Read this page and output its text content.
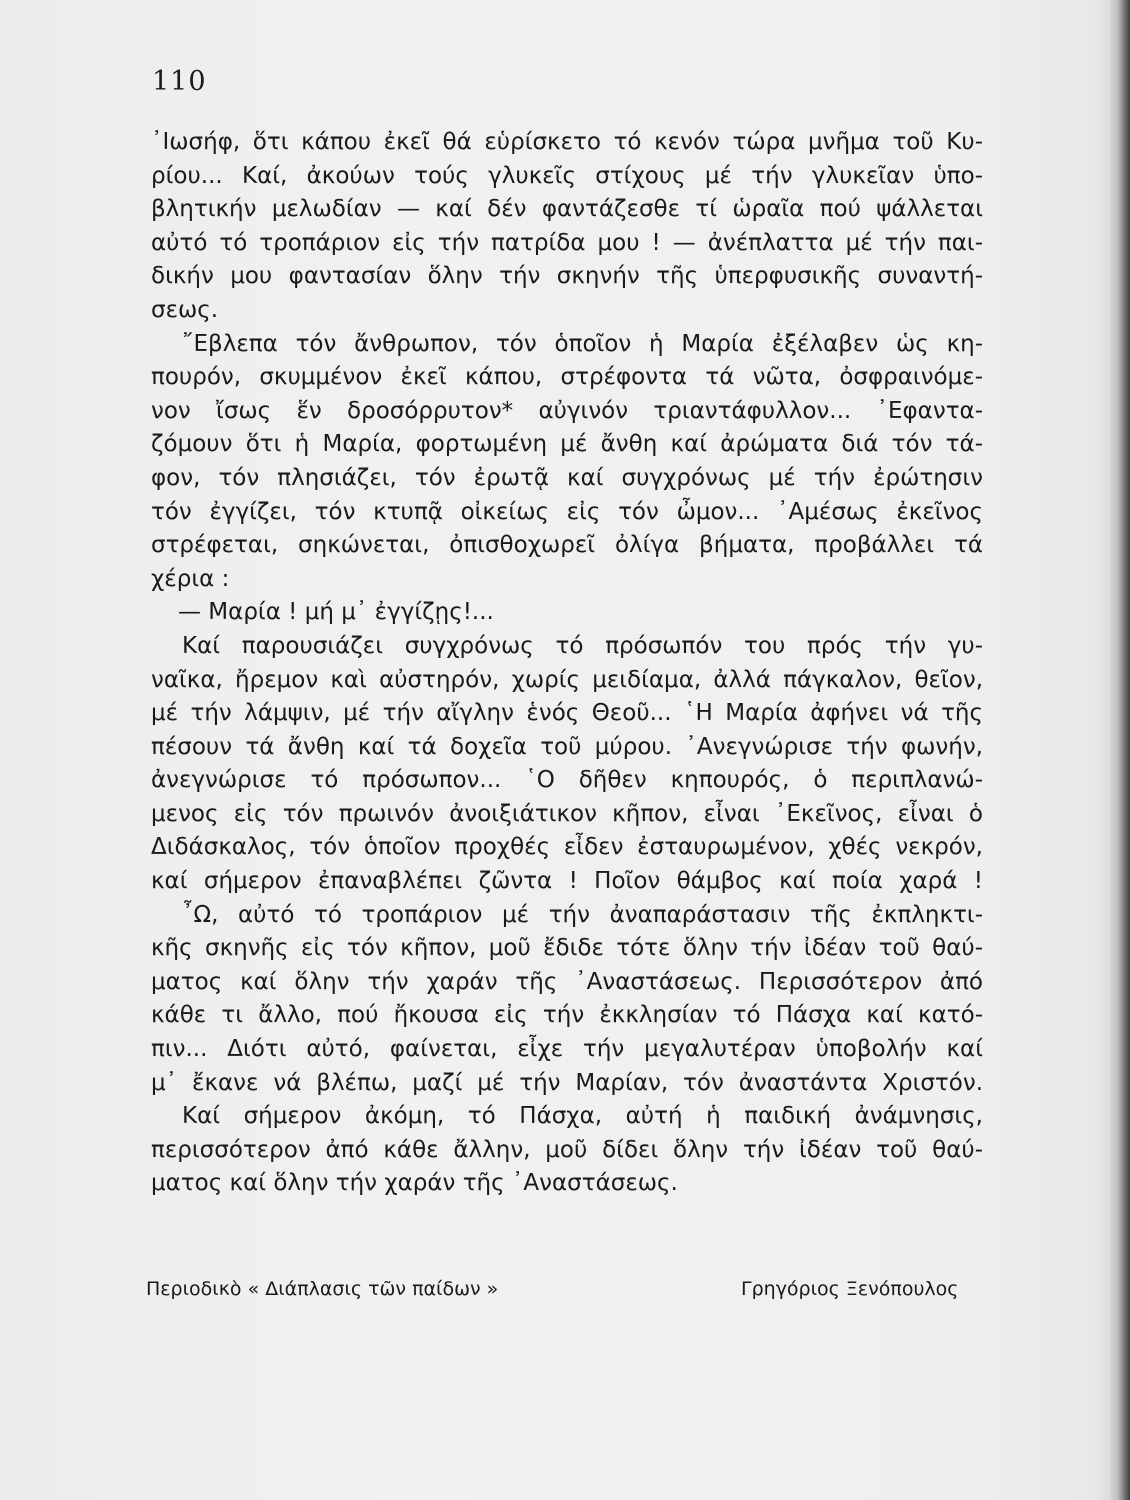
110
᾿Ιωσήφ, ὅτι κάπου ἐκεῖ θά εὑρίσκετο τό κενόν τώρα μνῆμα τοῦ Κυ-
ρίου... Καί, ἀκούων τούς γλυκεῖς στίχους μέ τήν γλυκεῖαν ὑπο-
βλητικήν μελωδίαν — καί δέν φαντάζεσθε τί ὡραῖα πού ψάλλεται
αὐτό τό τροπάριον εἰς τήν πατρίδα μου ! — ἀνέπλαττα μέ τήν παι-
δικήν μου φαντασίαν ὅλην τήν σκηνήν τῆς ὑπερφυσικῆς συναντή-
σεως.
῎Εβλεπα τόν ἄνθρωπον, τόν ὁποῖον ἡ Μαρία ἐξέλαβεν ὡς κη-
πουρόν, σκυμμένον ἐκεῖ κάπου, στρέφοντα τά νῶτα, ὀσφραινόμε-
νον ἴσως ἕν δροσόρρυτον* αὐγινόν τριαντάφυλλον... ᾿Εφαντα-
ζόμουν ὅτι ἡ Μαρία, φορτωμένη μέ ἄνθη καί ἀρώματα διά τόν τά-
φον, τόν πλησιάζει, τόν ἐρωτᾷ καί συγχρόνως μέ τήν ἐρώτησιν
τόν ἐγγίζει, τόν κτυπᾷ οἰκείως εἰς τόν ὦμον... ᾿Αμέσως ἐκεῖνος
στρέφεται, σηκώνεται, ὀπισθοχωρεῖ ὀλίγα βήματα, προβάλλει τά
χέρια :
— Μαρία ! μή μ᾿ ἐγγίζῃς!...
Καί παρουσιάζει συγχρόνως τό πρόσωπόν του πρός τήν γυ-
ναῖκα, ἤρεμον καὶ αὐστηρόν, χωρίς μειδίαμα, ἀλλά πάγκαλον, θεῖον,
μέ τήν λάμψιν, μέ τήν αἴγλην ἑνός Θεοῦ... ῾Η Μαρία ἀφήνει νά τῆς
πέσουν τά ἄνθη καί τά δοχεῖα τοῦ μύρου. ᾿Ανεγνώρισε τήν φωνήν,
ἀνεγνώρισε τό πρόσωπον... ῾Ο δῆθεν κηπουρός, ὁ περιπλανώ-
μενος εἰς τόν πρωινόν ἀνοιξιάτικον κῆπον, εἶναι ᾿Εκεῖνος, εἶναι ὁ
Διδάσκαλος, τόν ὁποῖον προχθές εἶδεν ἐσταυρωμένον, χθές νεκρόν,
καί σήμερον ἐπαναβλέπει ζῶντα ! Ποῖον θάμβος καί ποία χαρά !
῏Ω, αὐτό τό τροπάριον μέ τήν ἀναπαράστασιν τῆς ἐκπληκτι-
κῆς σκηνῆς εἰς τόν κῆπον, μοῦ ἔδιδε τότε ὅλην τήν ἰδέαν τοῦ θαύ-
ματος καί ὅλην τήν χαράν τῆς ᾿Αναστάσεως. Περισσότερον ἀπό
κάθε τι ἄλλο, πού ἤκουσα εἰς τήν ἐκκλησίαν τό Πάσχα καί κατό-
πιν... Διότι αὐτό, φαίνεται, εἶχε τήν μεγαλυτέραν ὑποβολήν καί
μ᾿ ἔκανε νά βλέπω, μαζί μέ τήν Μαρίαν, τόν ἀναστάντα Χριστόν.
Καί σήμερον ἀκόμη, τό Πάσχα, αὐτή ἡ παιδική ἀνάμνησις,
περισσότερον ἀπό κάθε ἄλλην, μοῦ δίδει ὅλην τήν ἰδέαν τοῦ θαύ-
ματος καί ὅλην τήν χαράν τῆς ᾿Αναστάσεως.
Περιοδικὸ « Διάπλασις τῶν παίδων »	Γρηγόριος Ξενόπουλος
